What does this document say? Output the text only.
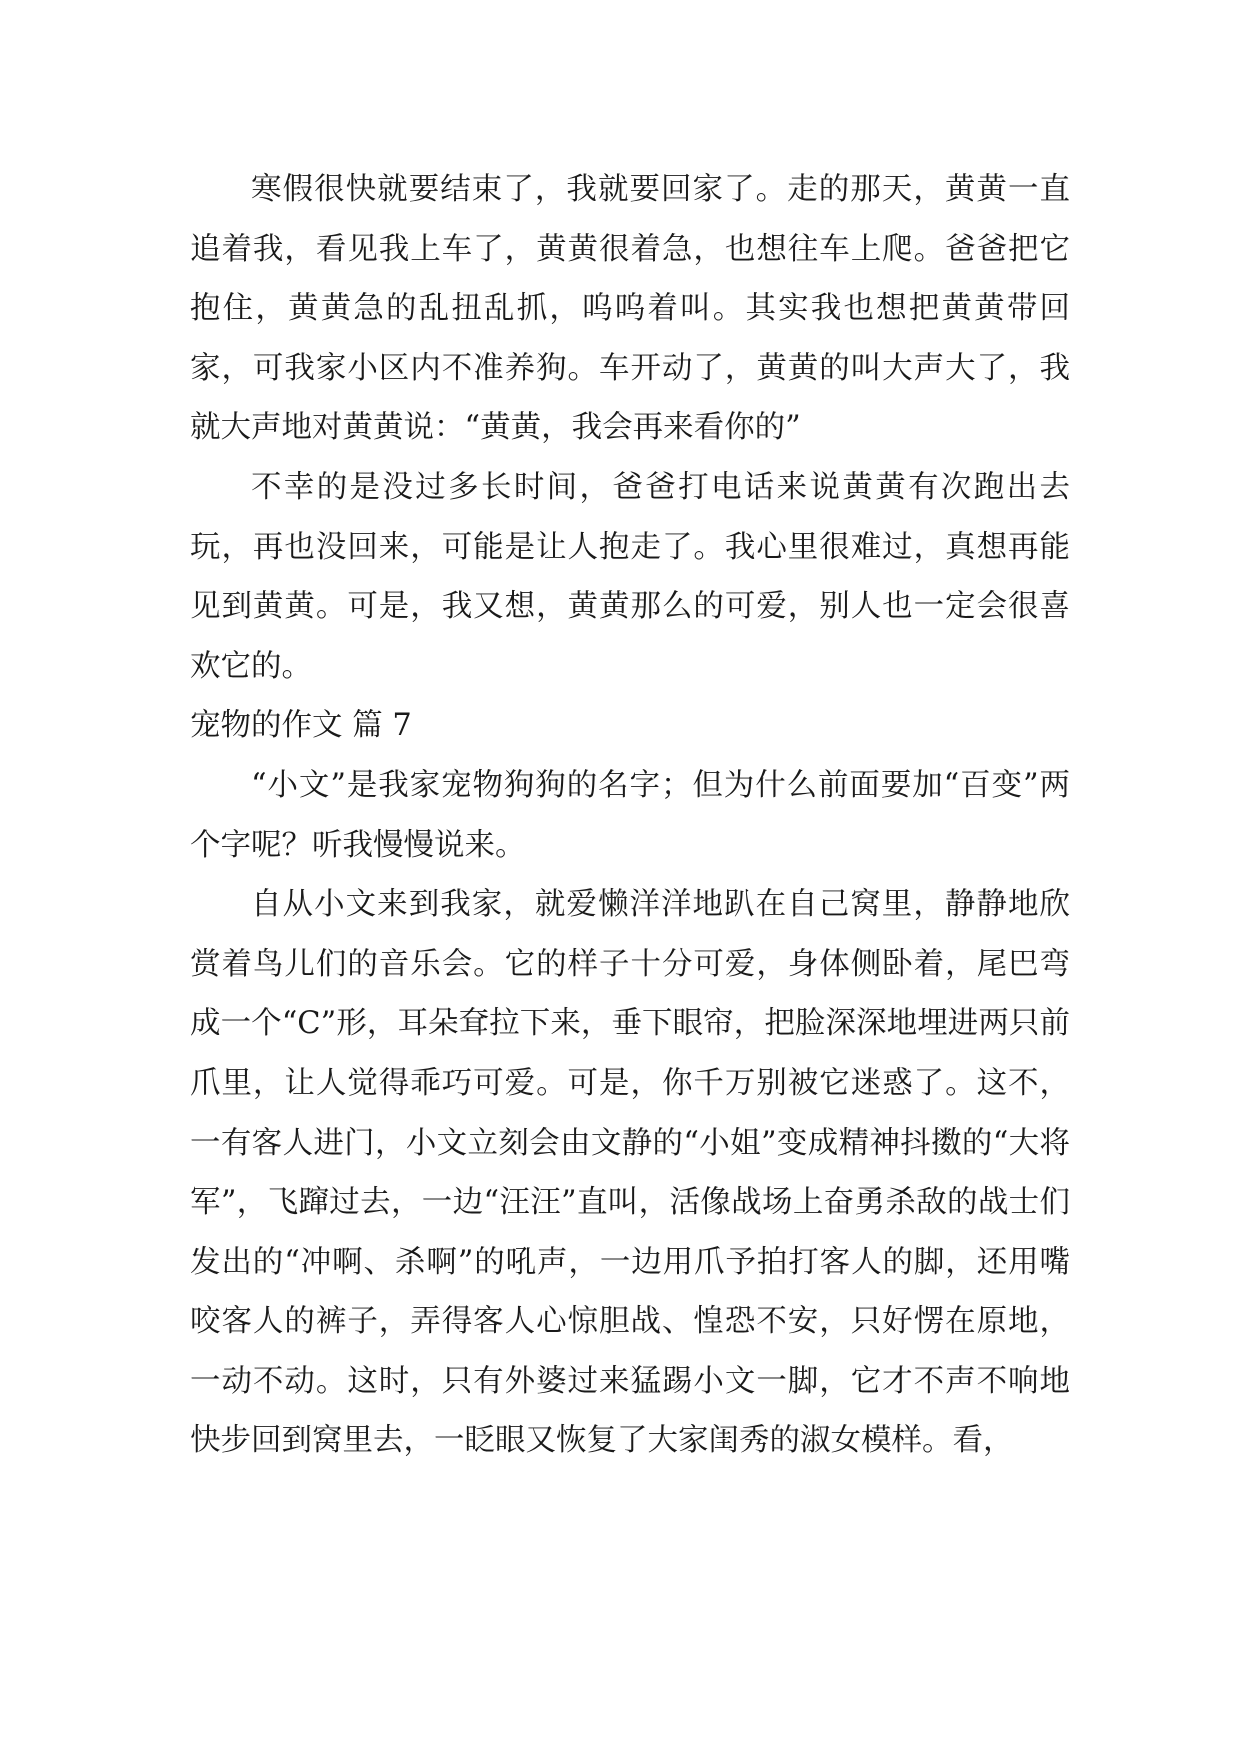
寒假很快就要结束了，我就要回家了。走的那天，黄黄一直追着我，看见我上车了，黄黄很着急，也想往车上爬。爸爸把它抱住，黄黄急的乱扭乱抓，呜呜着叫。其实我也想把黄黄带回家，可我家小区内不准养狗。车开动了，黄黄的叫大声大了，我就大声地对黄黄说：“黄黄，我会再来看你的”

不幸的是没过多长时间，爸爸打电话来说黄黄有次跑出去玩，再也没回来，可能是让人抱走了。我心里很难过，真想再能见到黄黄。可是，我又想，黄黄那么的可爱，别人也一定会很喜欢它的。

宠物的作文 篇 7

“小文”是我家宠物狗狗的名字；但为什么前面要加“百变”两个字呢？听我慢慢说来。

自从小文来到我家，就爱懒洋洋地趴在自己窝里，静静地欣赏着鸟儿们的音乐会。它的样子十分可爱，身体侧卧着，尾巴弯成一个“C”形，耳朵耷拉下来，垂下眼帘，把脸深深地埋进两只前爪里，让人觉得乖巧可爱。可是，你千万别被它迷惑了。这不，一有客人进门，小文立刻会由文静的“小姐”变成精神抖擞的“大将军”，飞蹿过去，一边“汪汪”直叫，活像战场上奋勇杀敌的战士们发出的“冲啊、杀啊”的吼声，一边用爪予拍打客人的脚，还用嘴咬客人的裤子，弄得客人心惊胆战、惶恐不安，只好愣在原地，一动不动。这时，只有外婆过来猛踢小文一脚，它才不声不响地快步回到窝里去，一眨眼又恢复了大家闺秀的淑女模样。看，
